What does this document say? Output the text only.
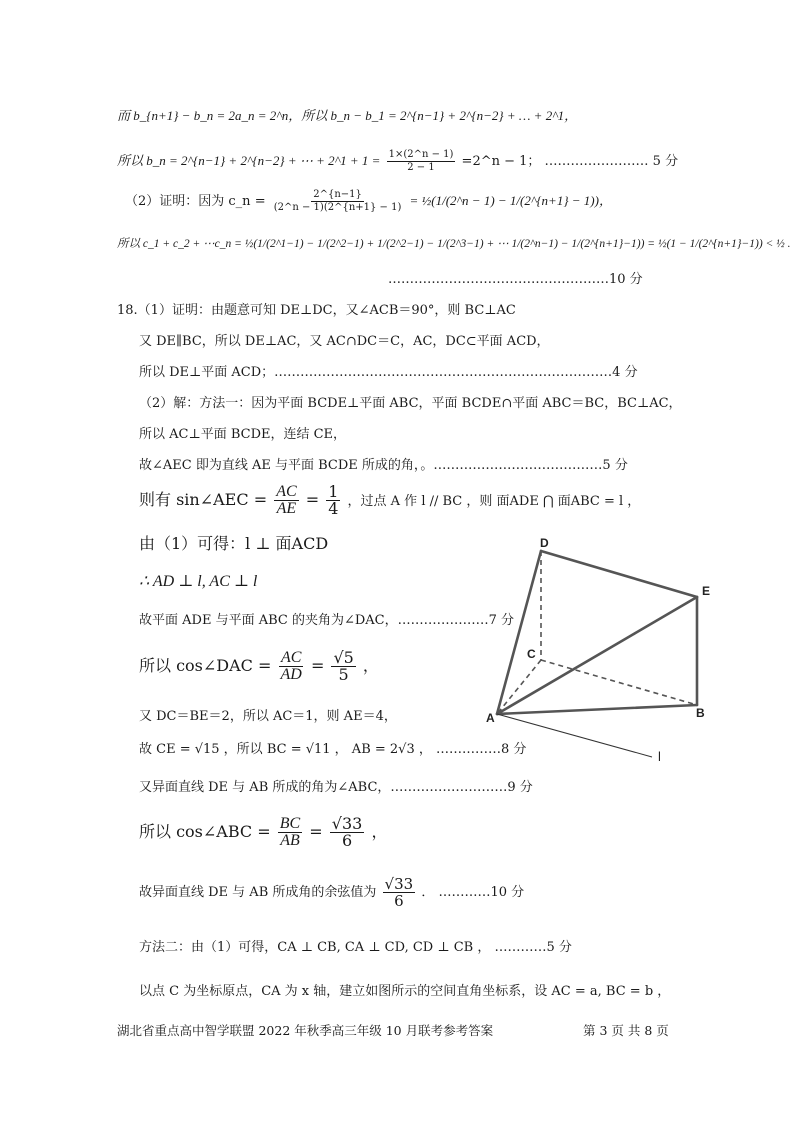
而 b_{n+1} − b_n = 2a_n = 2^n，所以 b_n − b_1 = 2^{n−1} + 2^{n−2} + … + 2^1，
所以 b_n = 2^{n−1} + 2^{n−2} + ⋯ + 2^1 + $1 = \frac{1\times(2\^{}n - 1)}{2 - 1}$ =2^n − 1； …………………… 5 分
（2）证明：因为 c_n = $\frac{2\^{}\{n-1\}}{(2\^{}n - 1)(2\^{}\{n+1\} - 1)}$ = ½(1/(2^n − 1) − 1/(2^{n+1} − 1))，
所以 c_1 + c_2 + ⋯c_n = ½(1/(2^1−1) − 1/(2^2−1) + 1/(2^2−1) − 1/(2^3−1) + ⋯ 1/(2^n−1) − 1/(2^{n+1}−1)) = ½(1 − 1/(2^{n+1}−1)) < ½ .
……………………………………………10 分
18.（1）证明：由题意可知 DE⊥DC，又∠ACB＝90°，则 BC⊥AC
又 DE∥BC，所以 DE⊥AC，又 AC∩DC＝C，AC，DC⊂平面 ACD，
所以 DE⊥平面 ACD；……………………………………………………………………4 分
（2）解：方法一：因为平面 BCDE⊥平面 ABC，平面 BCDE∩平面 ABC＝BC，BC⊥AC，
所以 AC⊥平面 BCDE，连结 CE，
故∠AEC 即为直线 AE 与平面 BCDE 所成的角，。…………………………………5 分
则有 sin∠AEC = $\frac{AC}{AE} = \frac{1}{4}$ ，过点 A 作 l // BC ，则 面ADE ⋂ 面ABC = l ，
由（1）可得：l ⊥ 面ACD
∴ AD ⊥ l, AC ⊥ l
故平面 ADE 与平面 ABC 的夹角为∠DAC，…………………7 分
所以 cos∠DAC = $\frac{AC}{AD} = \frac{√5}{5}$ ，
又 DC＝BE＝2，所以 AC＝1，则 AE＝4，
故 CE = √15 ，所以 BC = √11 ， AB = 2√3 ， ……………8 分
又异面直线 DE 与 AB 所成的角为∠ABC，………………………9 分
所以 cos∠ABC = $\frac{BC}{AB} = \frac{√33}{6}$ ，
故异面直线 DE 与 AB 所成角的余弦值为 $\frac{√33}{6}$ ． …………10 分
方法二：由（1）可得，CA ⊥ CB, CA ⊥ CD, CD ⊥ CB ， …………5 分
以点 C 为坐标原点，CA 为 x 轴，建立如图所示的空间直角坐标系，设 AC = a, BC = b ，
D
E
C
A	B
l
湖北省重点高中智学联盟 2022 年秋季高三年级 10 月联考参考答案	第 3 页 共 8 页
